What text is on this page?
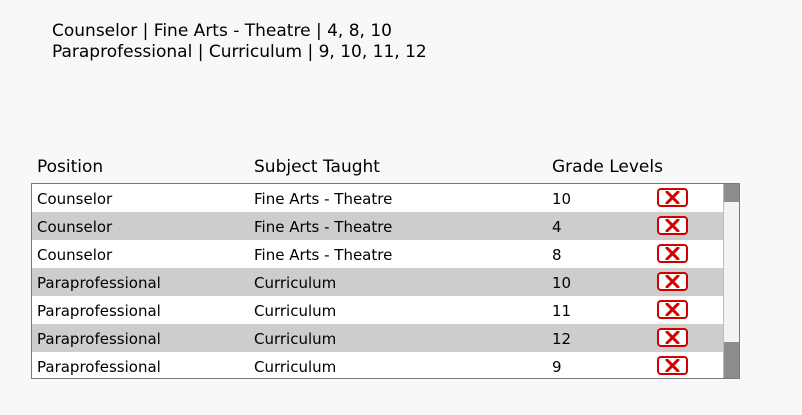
Counselor | Fine Arts - Theatre | 4, 8, 10
Paraprofessional | Curriculum | 9, 10, 11, 12
Position	Subject Taught	Grade Levels
Counselor	Fine Arts - Theatre	10
Counselor	Fine Arts - Theatre	4
Counselor	Fine Arts - Theatre	8
Paraprofessional	Curriculum	10
Paraprofessional	Curriculum	11
Paraprofessional	Curriculum	12
Paraprofessional	Curriculum	9
